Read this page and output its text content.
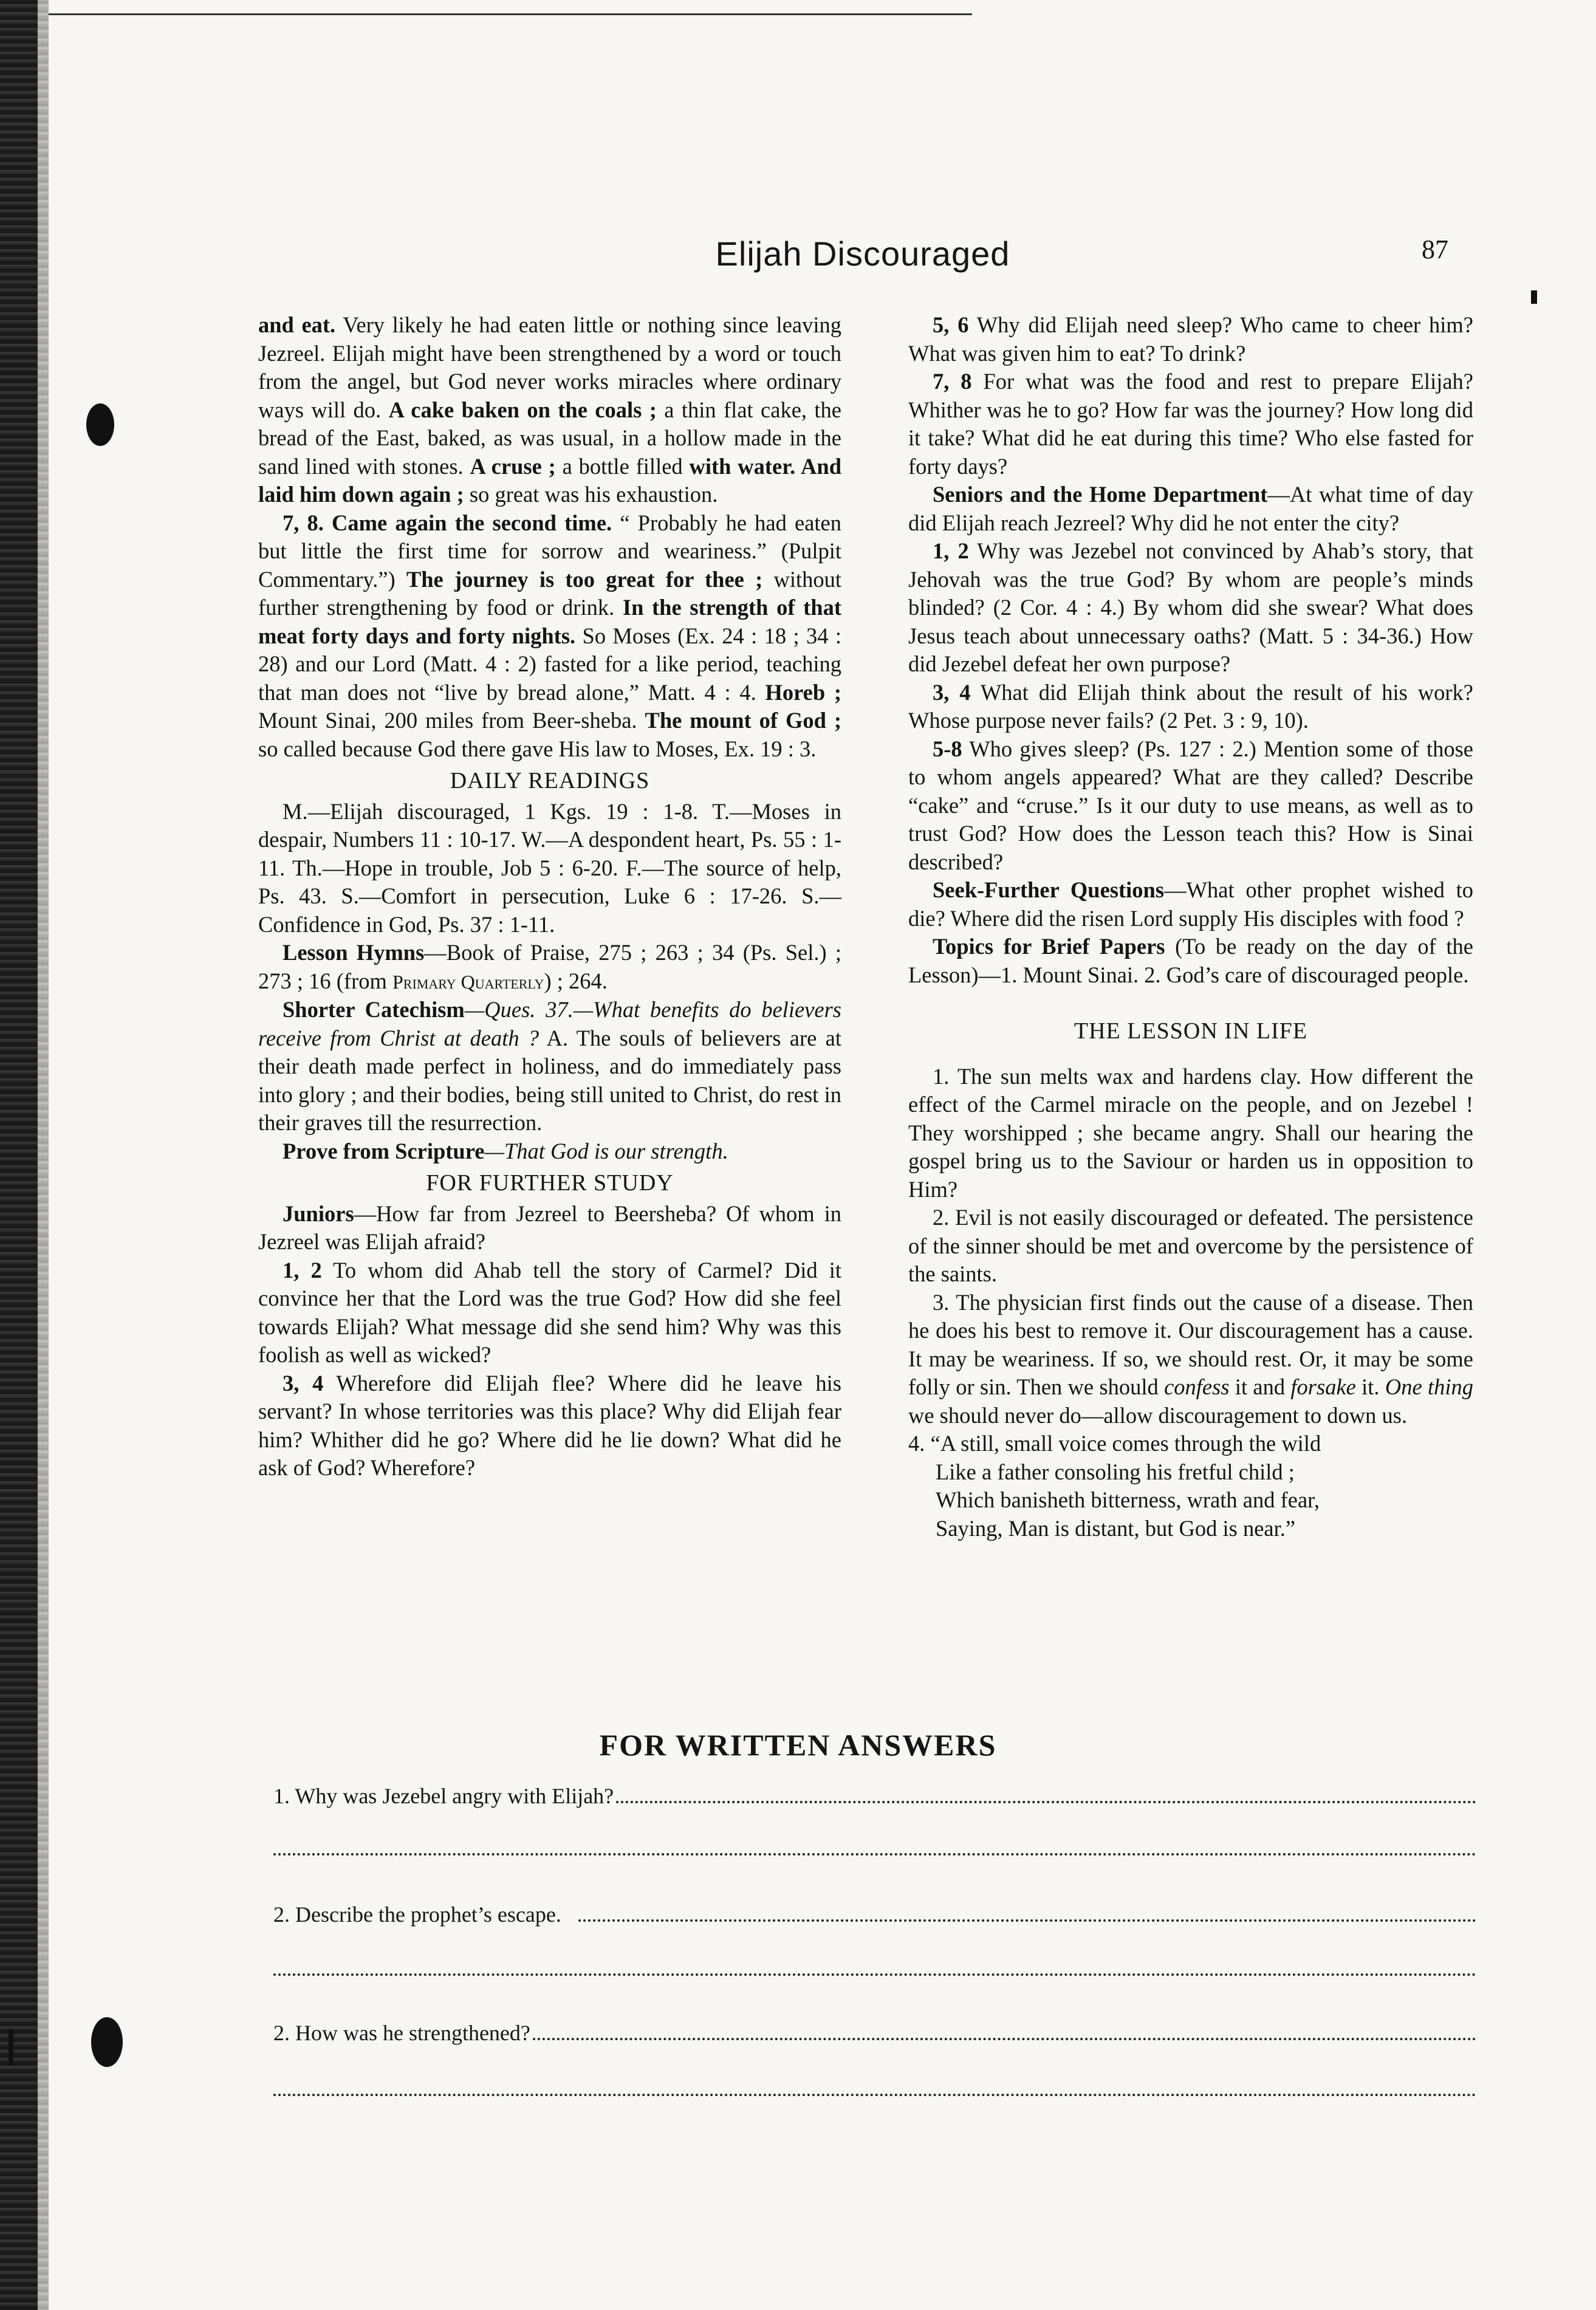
Elijah Discouraged	87

and eat. Very likely he had eaten little or nothing since leaving Jezreel. Elijah might have been strengthened by a word or touch from the angel, but God never works miracles where ordinary ways will do. A cake baken on the coals ; a thin flat cake, the bread of the East, baked, as was usual, in a hollow made in the sand lined with stones. A cruse ; a bottle filled with water. And laid him down again ; so great was his exhaustion.

7, 8. Came again the second time. “ Probably he had eaten but little the first time for sorrow and weariness.” (Pulpit Commentary.”) The journey is too great for thee ; without further strengthening by food or drink. In the strength of that meat forty days and forty nights. So Moses (Ex. 24 : 18 ; 34 : 28) and our Lord (Matt. 4 : 2) fasted for a like period, teaching that man does not “live by bread alone,” Matt. 4 : 4. Horeb ; Mount Sinai, 200 miles from Beer-sheba. The mount of God ; so called because God there gave His law to Moses, Ex. 19 : 3.

DAILY READINGS

M.—Elijah discouraged, 1 Kgs. 19 : 1-8. T.—Moses in despair, Numbers 11 : 10-17. W.—A despondent heart, Ps. 55 : 1-11. Th.—Hope in trouble, Job 5 : 6-20. F.—The source of help, Ps. 43. S.—Comfort in persecution, Luke 6 : 17-26. S.—Confidence in God, Ps. 37 : 1-11.

Lesson Hymns—Book of Praise, 275 ; 263 ; 34 (Ps. Sel.) ; 273 ; 16 (from Primary Quarterly) ; 264.

Shorter Catechism—Ques. 37.—What benefits do believers receive from Christ at death ? A. The souls of believers are at their death made perfect in holiness, and do immediately pass into glory ; and their bodies, being still united to Christ, do rest in their graves till the resurrection.

Prove from Scripture—That God is our strength.

FOR FURTHER STUDY

Juniors—How far from Jezreel to Beersheba? Of whom in Jezreel was Elijah afraid?

1, 2 To whom did Ahab tell the story of Carmel? Did it convince her that the Lord was the true God? How did she feel towards Elijah? What message did she send him? Why was this foolish as well as wicked?

3, 4 Wherefore did Elijah flee? Where did he leave his servant? In whose territories was this place? Why did Elijah fear him? Whither did he go? Where did he lie down? What did he ask of God? Wherefore?

5, 6 Why did Elijah need sleep? Who came to cheer him? What was given him to eat? To drink?

7, 8 For what was the food and rest to prepare Elijah? Whither was he to go? How far was the journey? How long did it take? What did he eat during this time? Who else fasted for forty days?

Seniors and the Home Department—At what time of day did Elijah reach Jezreel? Why did he not enter the city?

1, 2 Why was Jezebel not convinced by Ahab’s story, that Jehovah was the true God? By whom are people’s minds blinded? (2 Cor. 4 : 4.) By whom did she swear? What does Jesus teach about unnecessary oaths? (Matt. 5 : 34-36.) How did Jezebel defeat her own purpose?

3, 4 What did Elijah think about the result of his work? Whose purpose never fails? (2 Pet. 3 : 9, 10).

5-8 Who gives sleep? (Ps. 127 : 2.) Mention some of those to whom angels appeared? What are they called? Describe “cake” and “cruse.” Is it our duty to use means, as well as to trust God? How does the Lesson teach this? How is Sinai described?

Seek-Further Questions—What other prophet wished to die? Where did the risen Lord supply His disciples with food ?

Topics for Brief Papers (To be ready on the day of the Lesson)—1. Mount Sinai. 2. God’s care of discouraged people.

THE LESSON IN LIFE

1. The sun melts wax and hardens clay. How different the effect of the Carmel miracle on the people, and on Jezebel ! They worshipped ; she became angry. Shall our hearing the gospel bring us to the Saviour or harden us in opposition to Him?

2. Evil is not easily discouraged or defeated. The persistence of the sinner should be met and overcome by the persistence of the saints.

3. The physician first finds out the cause of a disease. Then he does his best to remove it. Our discouragement has a cause. It may be weariness. If so, we should rest. Or, it may be some folly or sin. Then we should confess it and forsake it. One thing we should never do—allow discouragement to down us.

4. “A still, small voice comes through the wild
Like a father consoling his fretful child ;
Which banisheth bitterness, wrath and fear,
Saying, Man is distant, but God is near.”

FOR WRITTEN ANSWERS
1. Why was Jezebel angry with Elijah?
2. Describe the prophet’s escape.
2. How was he strengthened?
